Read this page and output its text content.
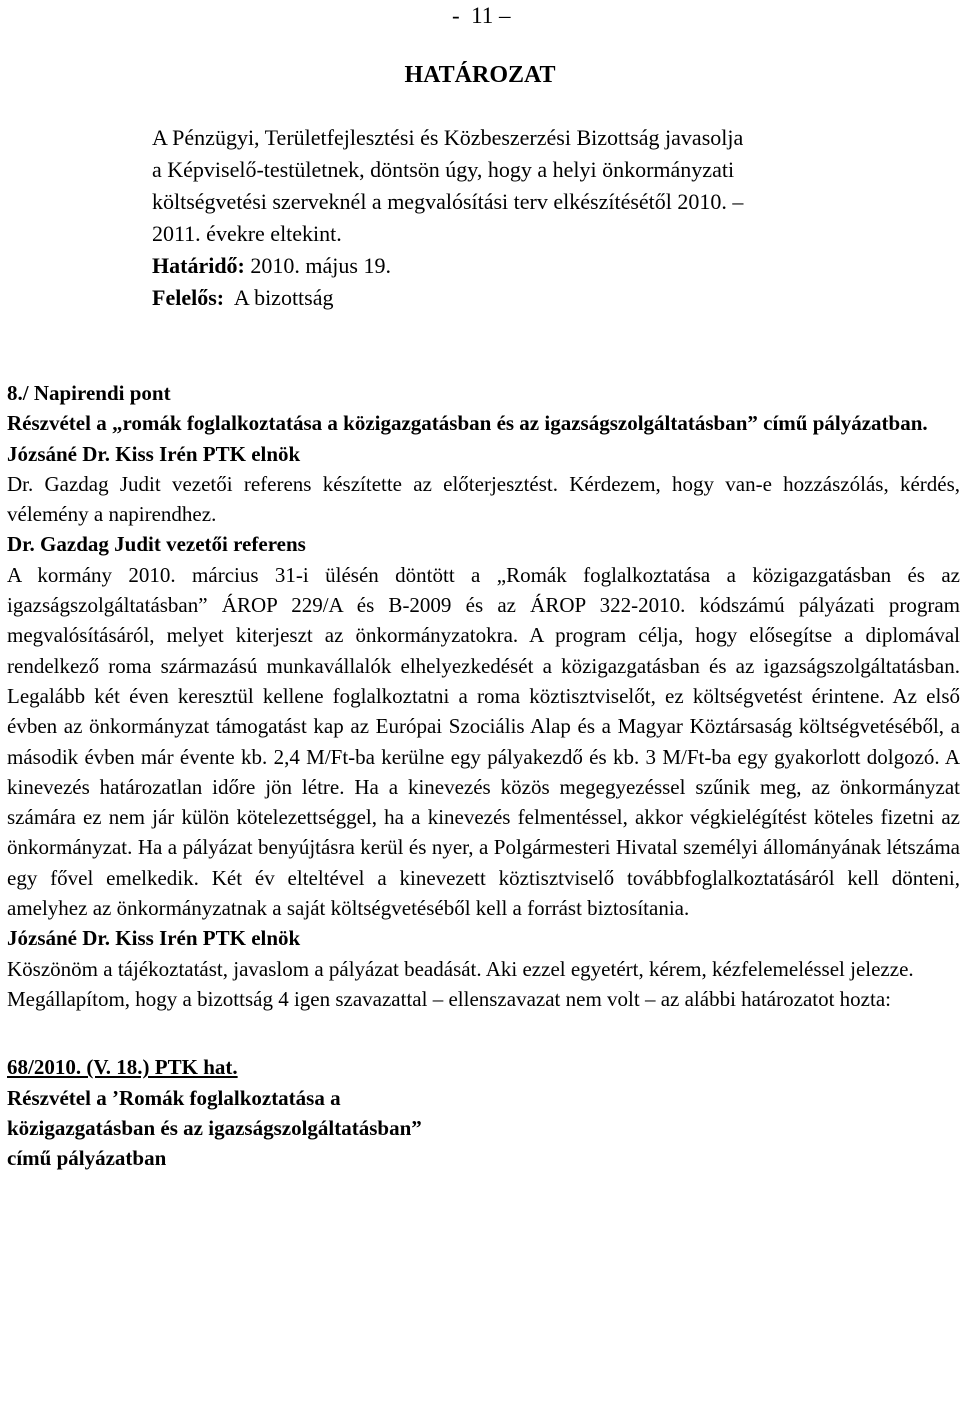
-  11 –
HATÁROZAT

A Pénzügyi, Területfejlesztési és Közbeszerzési Bizottság javasolja

a Képviselő-testületnek, döntsön úgy, hogy a helyi önkormányzati

költségvetési szerveknél a megvalósítási terv elkészítésétől 2010. –

2011. évekre eltekint.

Határidő: 2010. május 19.

Felelős: A bizottság

8./ Napirendi pont

Részvétel a „romák foglalkoztatása a közigazgatásban és az igazságszolgáltatásban” című pályázatban.

Józsáné Dr. Kiss Irén PTK elnök

Dr. Gazdag Judit vezetői referens készítette az előterjesztést. Kérdezem, hogy van-e hozzászólás, kérdés, vélemény a napirendhez.

Dr. Gazdag Judit vezetői referens

A kormány 2010. március 31-i ülésén döntött a „Romák foglalkoztatása a közigazgatásban és az igazságszolgáltatásban” ÁROP 229/A és B-2009 és az ÁROP 322-2010. kódszámú pályázati program megvalósításáról, melyet kiterjeszt az önkormányzatokra. A program célja, hogy elősegítse a diplomával rendelkező roma származású munkavállalók elhelyezkedését a közigazgatásban és az igazságszolgáltatásban. Legalább két éven keresztül kellene foglalkoztatni a roma köztisztviselőt, ez költségvetést érintene. Az első évben az önkormányzat támogatást kap az Európai Szociális Alap és a Magyar Köztársaság költségvetéséből, a második évben már évente kb. 2,4 M/Ft-ba kerülne egy pályakezdő és kb. 3 M/Ft-ba egy gyakorlott dolgozó. A kinevezés határozatlan időre jön létre. Ha a kinevezés közös megegyezéssel szűnik meg, az önkormányzat számára ez nem jár külön kötelezettséggel, ha a kinevezés felmentéssel, akkor végkielégítést köteles fizetni az önkormányzat. Ha a pályázat benyújtásra kerül és nyer, a Polgármesteri Hivatal személyi állományának létszáma egy fővel emelkedik. Két év elteltével a kinevezett köztisztviselő továbbfoglalkoztatásáról kell dönteni, amelyhez az önkormányzatnak a saját költségvetéséből kell a forrást biztosítania.

Józsáné Dr. Kiss Irén PTK elnök

Köszönöm a tájékoztatást, javaslom a pályázat beadását. Aki ezzel egyetért, kérem, kézfelemeléssel jelezze.

Megállapítom, hogy a bizottság 4 igen szavazattal – ellenszavazat nem volt – az alábbi határozatot hozta:

68/2010. (V. 18.) PTK hat.

Részvétel a ’Romák foglalkoztatása a

közigazgatásban és az igazságszolgáltatásban”

című pályázatban
